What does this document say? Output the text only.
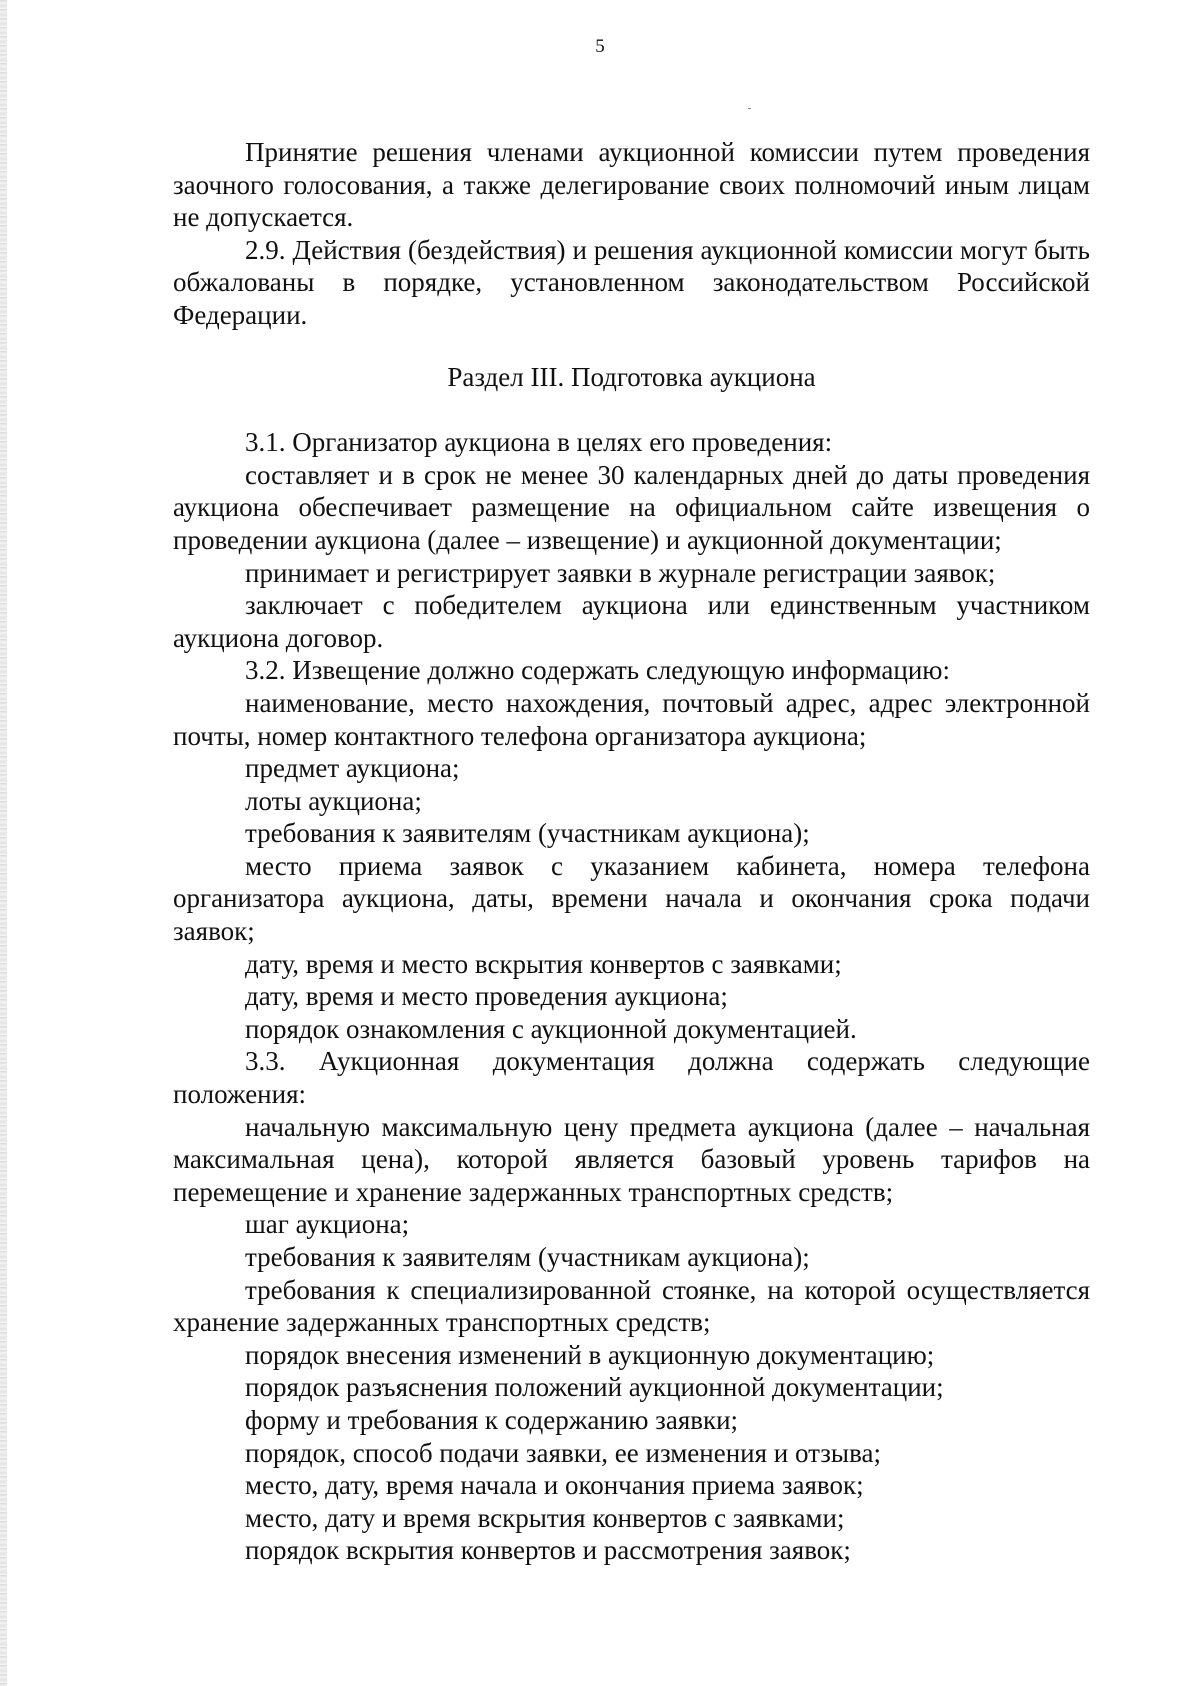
5

Принятие решения членами аукционной комиссии путем проведения заочного голосования, а также делегирование своих полномочий иным лицам не допускается.

2.9. Действия (бездействия) и решения аукционной комиссии могут быть обжалованы в порядке, установленном законодательством Российской Федерации.

Раздел III. Подготовка аукциона

3.1. Организатор аукциона в целях его проведения:

составляет и в срок не менее 30 календарных дней до даты проведения аукциона обеспечивает размещение на официальном сайте извещения о проведении аукциона (далее – извещение) и аукционной документации;

принимает и регистрирует заявки в журнале регистрации заявок;

заключает с победителем аукциона или единственным участником аукциона договор.

3.2. Извещение должно содержать следующую информацию:

наименование, место нахождения, почтовый адрес, адрес электронной почты, номер контактного телефона организатора аукциона;

предмет аукциона;

лоты аукциона;

требования к заявителям (участникам аукциона);

место приема заявок с указанием кабинета, номера телефона организатора аукциона, даты, времени начала и окончания срока подачи заявок;

дату, время и место вскрытия конвертов с заявками;

дату, время и место проведения аукциона;

порядок ознакомления с аукционной документацией.

3.3. Аукционная документация должна содержать следующие положения:

начальную максимальную цену предмета аукциона (далее – начальная максимальная цена), которой является базовый уровень тарифов на перемещение и хранение задержанных транспортных средств;

шаг аукциона;

требования к заявителям (участникам аукциона);

требования к специализированной стоянке, на которой осуществляется хранение задержанных транспортных средств;

порядок внесения изменений в аукционную документацию;

порядок разъяснения положений аукционной документации;

форму и требования к содержанию заявки;

порядок, способ подачи заявки, ее изменения и отзыва;

место, дату, время начала и окончания приема заявок;

место, дату и время вскрытия конвертов с заявками;

порядок вскрытия конвертов и рассмотрения заявок;
